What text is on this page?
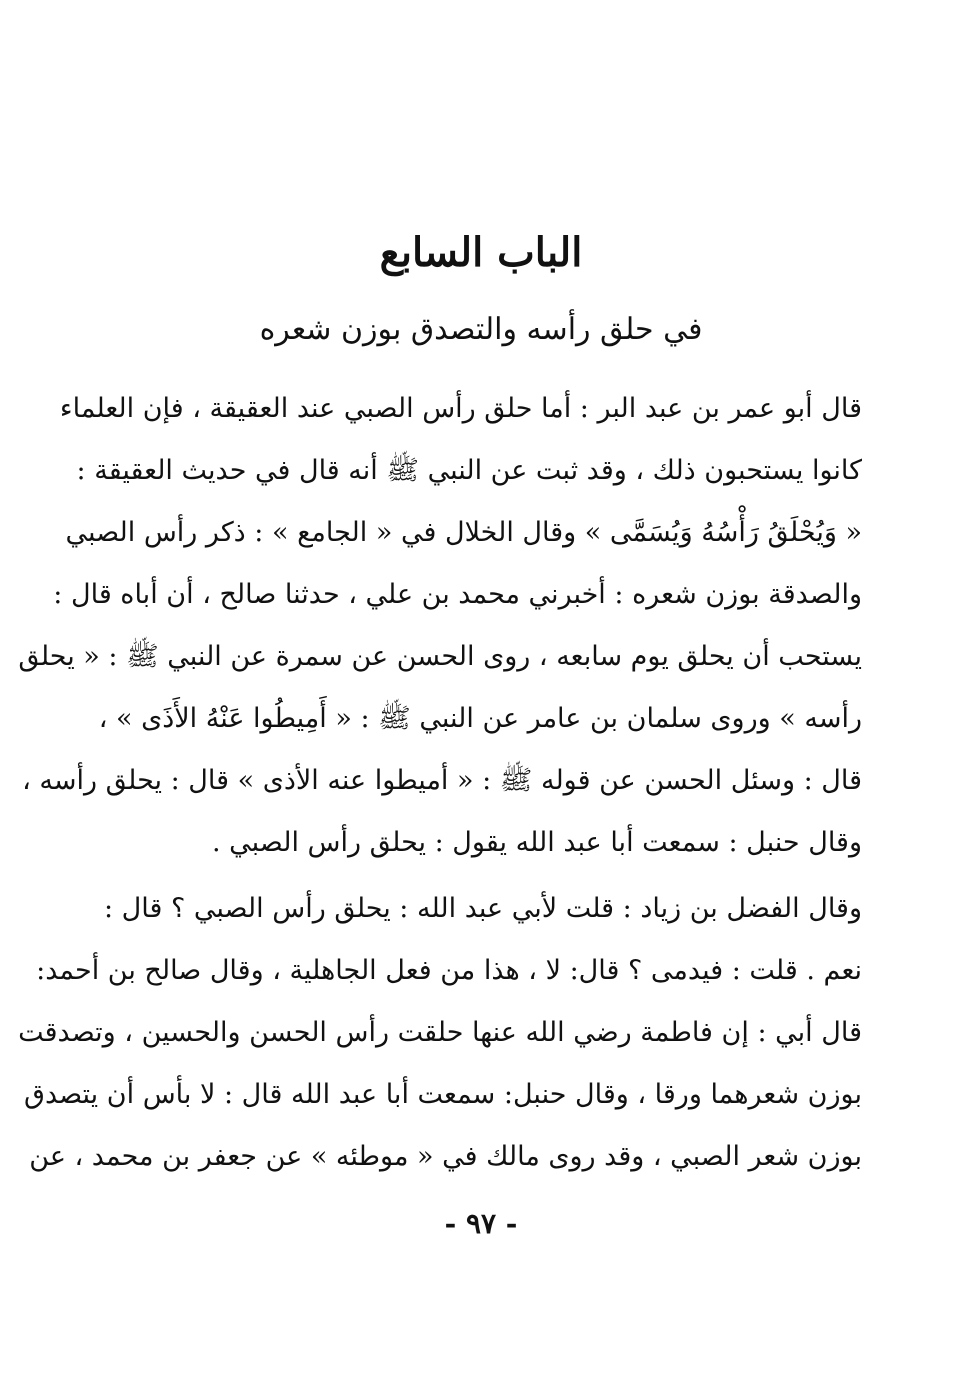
الباب السابع
في حلق رأسه والتصدق بوزن شعره
قال أبو عمر بن عبد البر : أما حلق رأس الصبي عند العقيقة ، فإن العلماء
كانوا يستحبون ذلك ، وقد ثبت عن النبي ﷺ أنه قال في حديث العقيقة :
« وَيُحْلَقُ رَأْسُهُ وَيُسَمَّى » وقال الخلال في « الجامع » : ذكر رأس الصبي
والصدقة بوزن شعره : أخبرني محمد بن علي ، حدثنا صالح ، أن أباه قال :
يستحب أن يحلق يوم سابعه ، روى الحسن عن سمرة عن النبي ﷺ : « يحلق
رأسه » وروى سلمان بن عامر عن النبي ﷺ : « أَمِيطُوا عَنْهُ الأَذَى » ،
قال : وسئل الحسن عن قوله ﷺ : « أميطوا عنه الأذى » قال : يحلق رأسه ،
وقال حنبل : سمعت أبا عبد الله يقول : يحلق رأس الصبي .
وقال الفضل بن زياد : قلت لأبي عبد الله : يحلق رأس الصبي ؟ قال :
نعم . قلت : فيدمى ؟ قال: لا ، هذا من فعل الجاهلية ، وقال صالح بن أحمد:
قال أبي : إن فاطمة رضي الله عنها حلقت رأس الحسن والحسين ، وتصدقت
بوزن شعرهما ورقا ، وقال حنبل: سمعت أبا عبد الله قال : لا بأس أن يتصدق
بوزن شعر الصبي ، وقد روى مالك في « موطئه » عن جعفر بن محمد ، عن
- ٩٧ -
